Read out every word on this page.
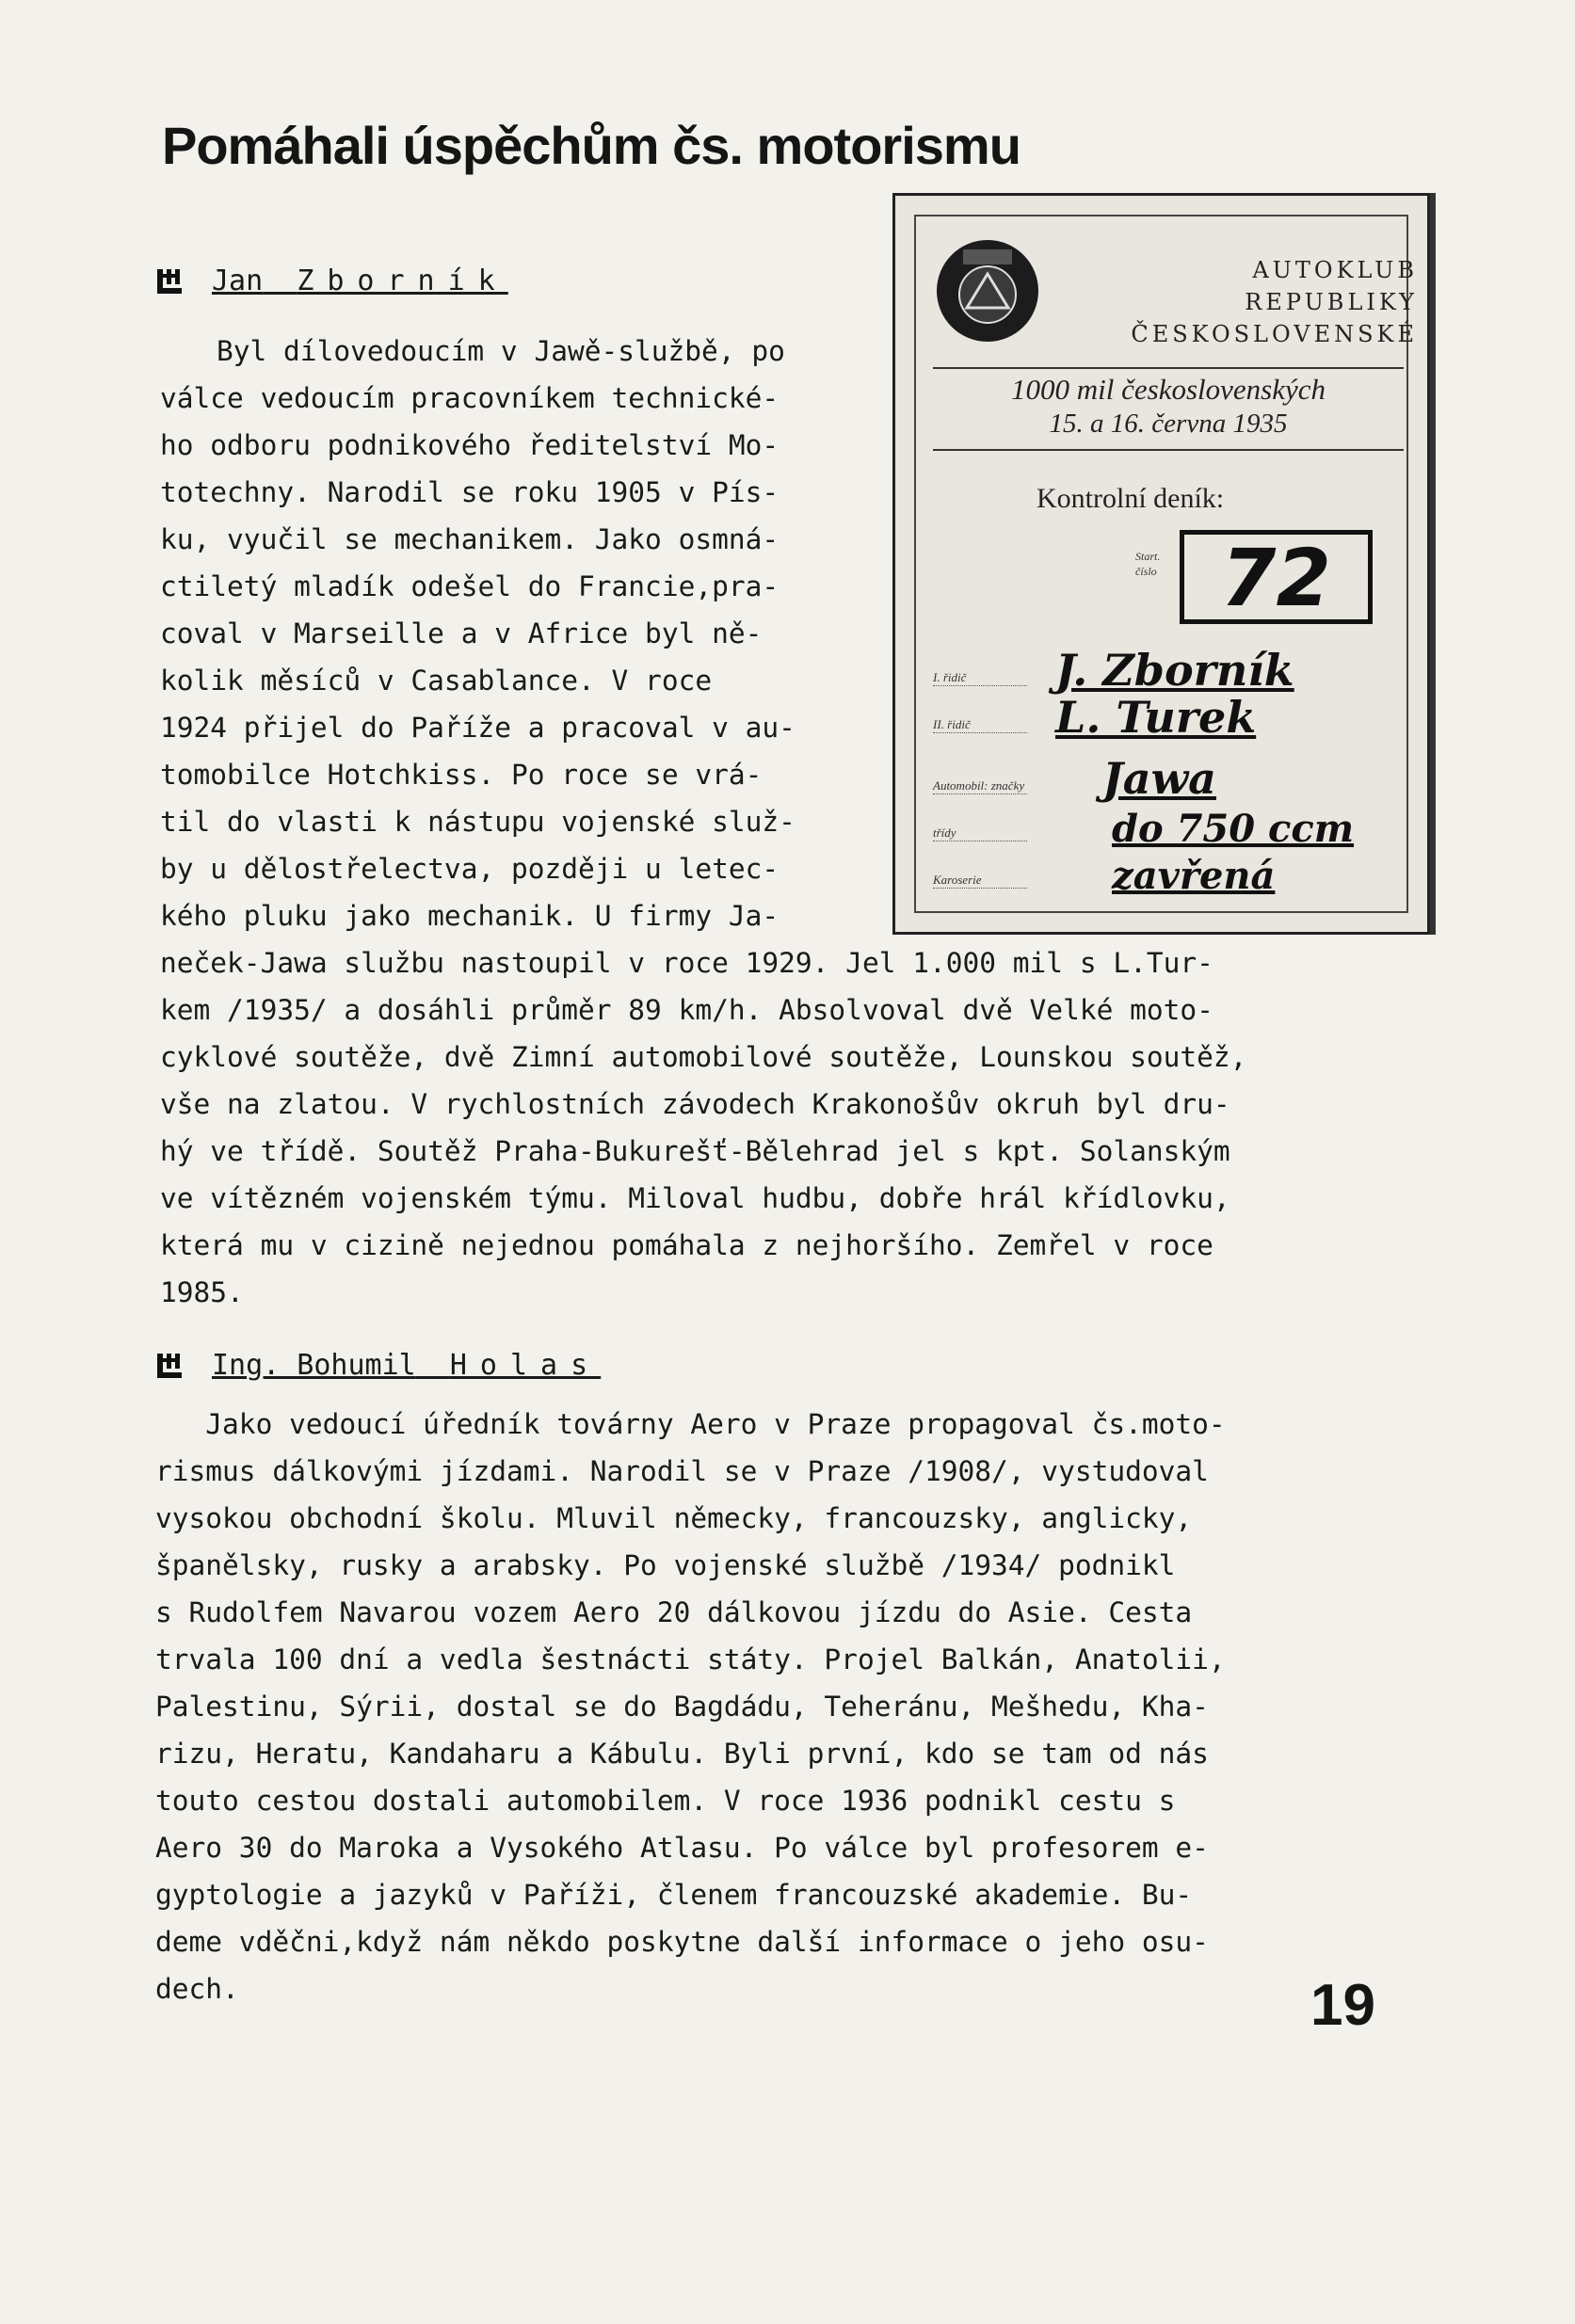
Pomáhali úspěchům čs. motorismu
Jan Zborník
Byl dílovedoucím v Jawě-službě, po
válce vedoucím pracovníkem technické-
ho odboru podnikového ředitelství Mo-
totechny. Narodil se roku 1905 v Pís-
ku, vyučil se mechanikem. Jako osmná-
ctiletý mladík odešel do Francie,pra-
coval v Marseille a v Africe byl ně-
kolik měsíců v Casablance. V roce
1924 přijel do Paříže a pracoval v au-
tomobilce Hotchkiss. Po roce se vrá-
til do vlasti k nástupu vojenské služ-
by u dělostřelectva, později u letec-
kého pluku jako mechanik. U firmy Ja-
neček-Jawa službu nastoupil v roce 1929. Jel 1.000 mil s L.Tur-
kem /1935/ a dosáhli průměr 89 km/h. Absolvoval dvě Velké moto-
cyklové soutěže, dvě Zimní automobilové soutěže, Lounskou soutěž,
vše na zlatou. V rychlostních závodech Krakonošův okruh byl dru-
hý ve třídě. Soutěž Praha-Bukurešť-Bělehrad jel s kpt. Solanským
ve vítězném vojenském týmu. Miloval hudbu, dobře hrál křídlovku,
která mu v cizině nejednou pomáhala z nejhoršího. Zemřel v roce
1985.

AUTOKLUB
REPUBLIKY
ČESKOSLOVENSKÉ

1000 mil československých
15. a 16. června 1935
Kontrolní deník:
Start. číslo 72
I. řidič	J. Zborník
II. řidič	L. Turek
Automobil: značky Jawa
třídy	do 750 ccm
Karoserie	zavřená
Ing. Bohumil Holas
Jako vedoucí úředník továrny Aero v Praze propagoval čs.moto-
rismus dálkovými jízdami. Narodil se v Praze /1908/, vystudoval
vysokou obchodní školu. Mluvil německy, francouzsky, anglicky,
španělsky, rusky a arabsky. Po vojenské službě /1934/ podnikl
s Rudolfem Navarou vozem Aero 20 dálkovou jízdu do Asie. Cesta
trvala 100 dní a vedla šestnácti státy. Projel Balkán, Anatolii,
Palestinu, Sýrii, dostal se do Bagdádu, Teheránu, Mešhedu, Kha-
rizu, Heratu, Kandaharu a Kábulu. Byli první, kdo se tam od nás
touto cestou dostali automobilem. V roce 1936 podnikl cestu s
Aero 30 do Maroka a Vysokého Atlasu. Po válce byl profesorem e-
gyptologie a jazyků v Paříži, členem francouzské akademie. Bu-
deme vděčni,když nám někdo poskytne další informace o jeho osu-
dech.	19
